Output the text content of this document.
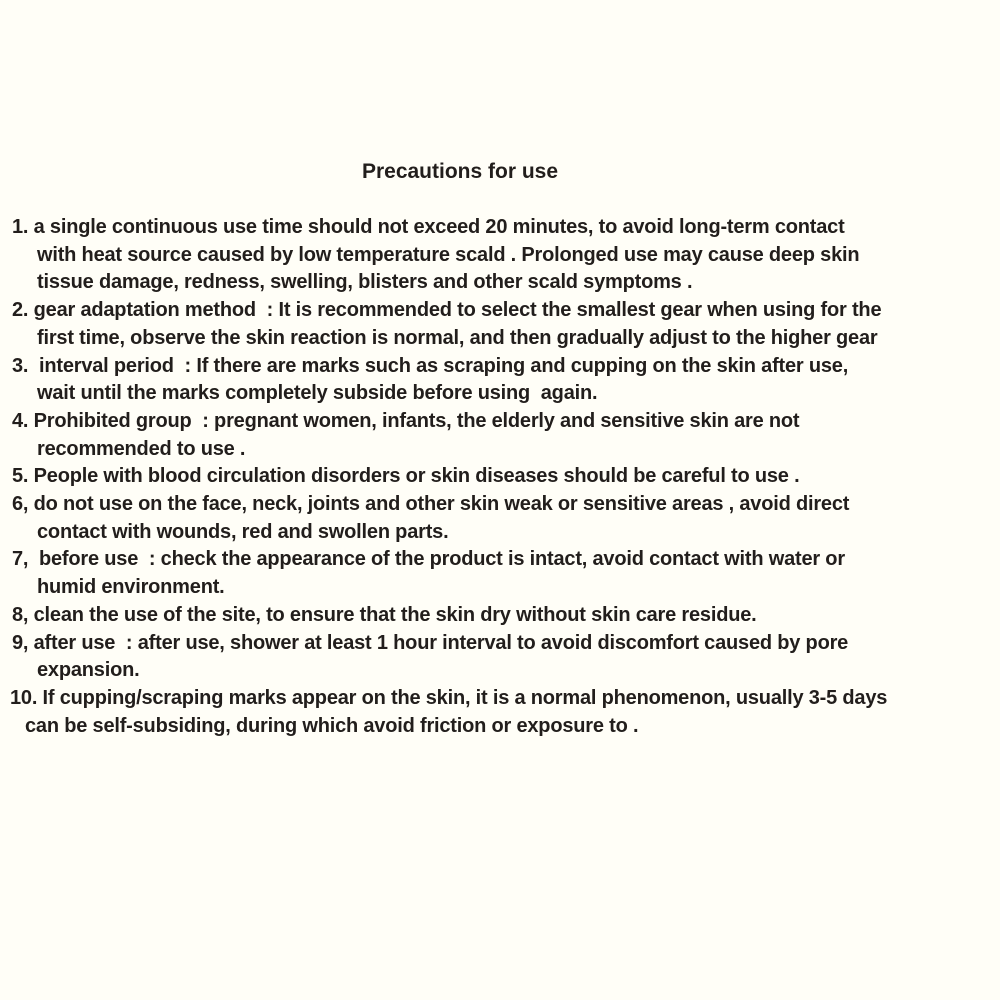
Precautions for use
1. a single continuous use time should not exceed 20 minutes, to avoid long-term contact
with heat source caused by low temperature scald . Prolonged use may cause deep skin
tissue damage, redness, swelling, blisters and other scald symptoms .
2. gear adaptation method  : It is recommended to select the smallest gear when using for the
first time, observe the skin reaction is normal, and then gradually adjust to the higher gear
3.  interval period  : If there are marks such as scraping and cupping on the skin after use,
wait until the marks completely subside before using  again.
4. Prohibited group  : pregnant women, infants, the elderly and sensitive skin are not
recommended to use .
5. People with blood circulation disorders or skin diseases should be careful to use .
6, do not use on the face, neck, joints and other skin weak or sensitive areas , avoid direct
contact with wounds, red and swollen parts.
7,  before use  : check the appearance of the product is intact, avoid contact with water or
humid environment.
8, clean the use of the site, to ensure that the skin dry without skin care residue.
9, after use  : after use, shower at least 1 hour interval to avoid discomfort caused by pore
expansion.
10. If cupping/scraping marks appear on the skin, it is a normal phenomenon, usually 3-5 days
can be self-subsiding, during which avoid friction or exposure to .
